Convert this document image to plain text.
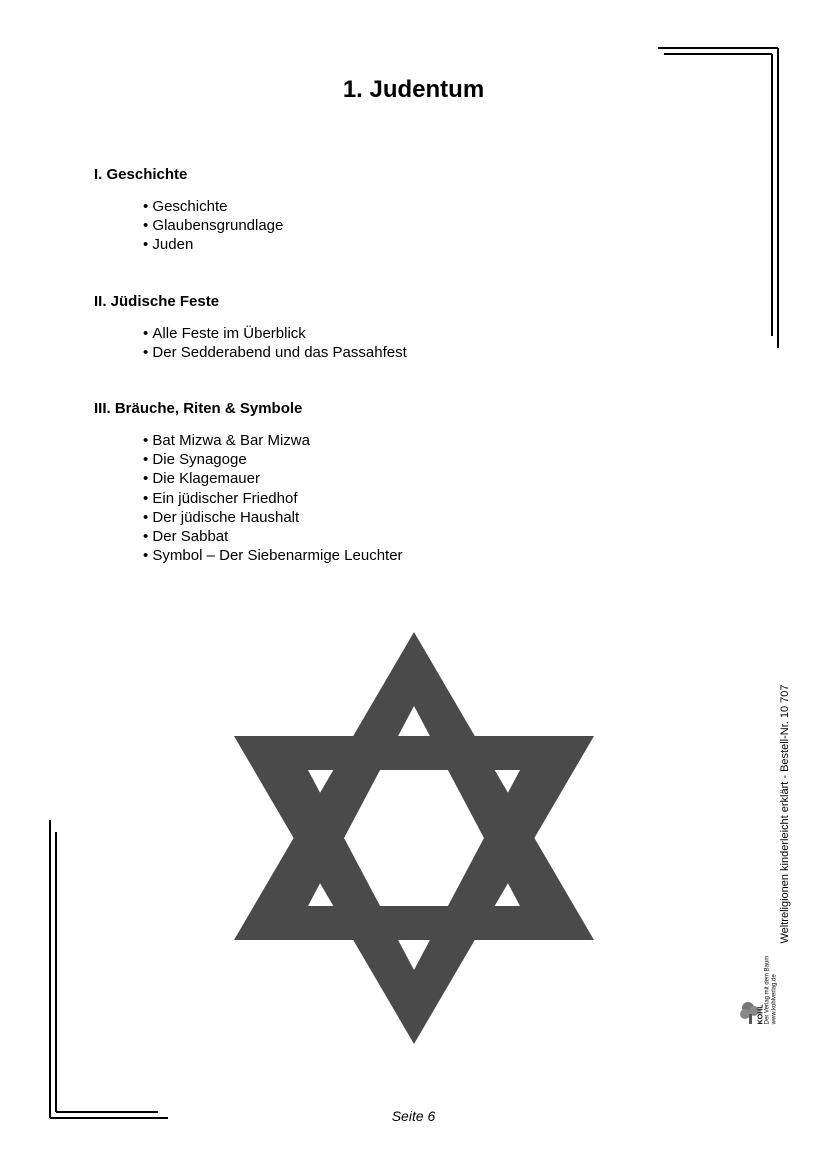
1. Judentum
I. Geschichte
• Geschichte
• Glaubensgrundlage
• Juden
II. Jüdische Feste
• Alle Feste im Überblick
• Der Sedderabend und das Passahfest
III. Bräuche, Riten & Symbole
• Bat Mizwa & Bar Mizwa
• Die Synagoge
• Die Klagemauer
• Ein jüdischer Friedhof
• Der jüdische Haushalt
• Der Sabbat
• Symbol – Der Siebenarmige Leuchter
Weltreligionen kinderleicht erklärt - Bestell-Nr. 10 707
KOHL Der Verlag mit dem Baum www.kohlverlag.de
Seite 6
